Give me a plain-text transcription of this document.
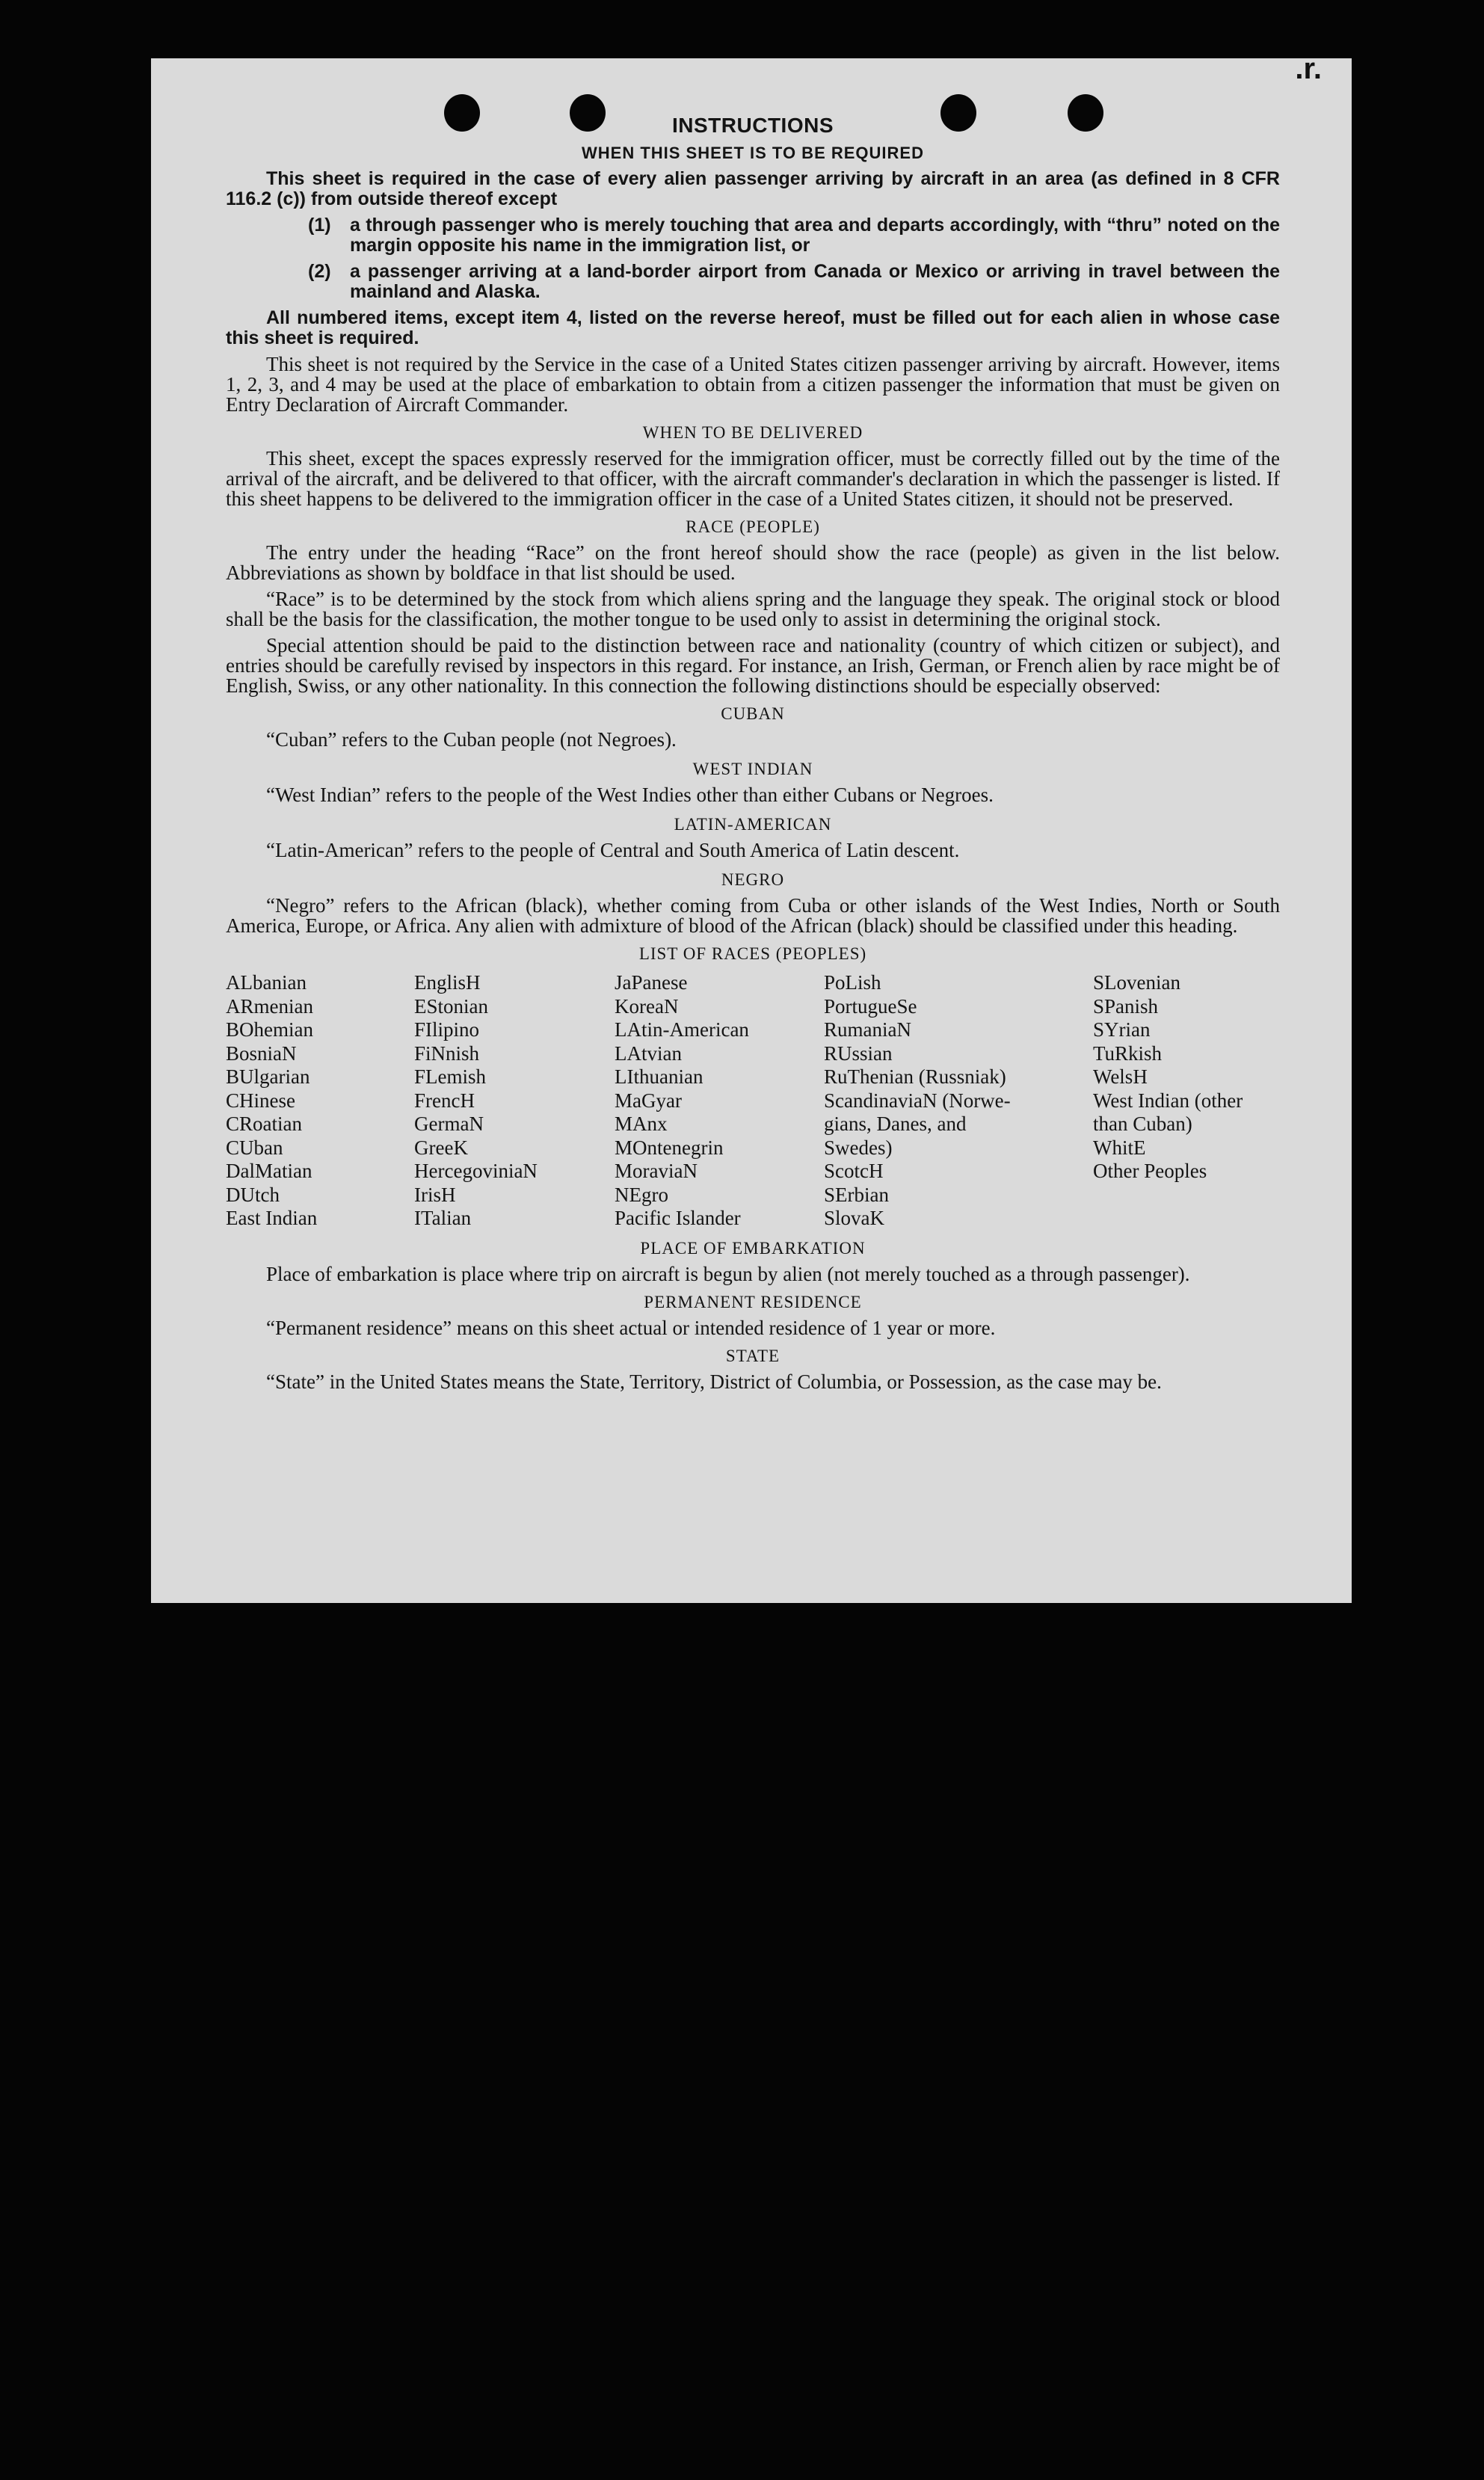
.r.
INSTRUCTIONS
WHEN THIS SHEET IS TO BE REQUIRED

This sheet is required in the case of every alien passenger arriving by aircraft in an area (as defined in 8 CFR 116.2 (c)) from outside thereof except

(1)	a through passenger who is merely touching that area and departs accordingly, with “thru” noted on the margin opposite his name in the immigration list, or
(2)	a passenger arriving at a land-border airport from Canada or Mexico or arriving in travel between the mainland and Alaska.

All numbered items, except item 4, listed on the reverse hereof, must be filled out for each alien in whose case this sheet is required.

This sheet is not required by the Service in the case of a United States citizen passenger arriving by aircraft. However, items 1, 2, 3, and 4 may be used at the place of embarkation to obtain from a citizen passenger the information that must be given on Entry Declaration of Aircraft Commander.

WHEN TO BE DELIVERED

This sheet, except the spaces expressly reserved for the immigration officer, must be correctly filled out by the time of the arrival of the aircraft, and be delivered to that officer, with the aircraft commander's declaration in which the passenger is listed. If this sheet happens to be delivered to the immigration officer in the case of a United States citizen, it should not be preserved.

RACE (PEOPLE)

The entry under the heading “Race” on the front hereof should show the race (people) as given in the list below. Abbreviations as shown by boldface in that list should be used.

“Race” is to be determined by the stock from which aliens spring and the language they speak. The original stock or blood shall be the basis for the classification, the mother tongue to be used only to assist in determining the original stock.

Special attention should be paid to the distinction between race and nationality (country of which citizen or subject), and entries should be carefully revised by inspectors in this regard. For instance, an Irish, German, or French alien by race might be of English, Swiss, or any other nationality. In this connection the following distinctions should be especially observed:

CUBAN
“Cuban” refers to the Cuban people (not Negroes).
WEST INDIAN
“West Indian” refers to the people of the West Indies other than either Cubans or Negroes.
LATIN-AMERICAN
“Latin-American” refers to the people of Central and South America of Latin descent.
NEGRO

“Negro” refers to the African (black), whether coming from Cuba or other islands of the West Indies, North or South America, Europe, or Africa. Any alien with admixture of blood of the African (black) should be classified under this heading.

LIST OF RACES (PEOPLES)
ALbanian
ARmenian
BOhemian
BosniaN
BUlgarian
CHinese
CRoatian
CUban
DalMatian
DUtch
East Indian
EnglisH
EStonian
FIlipino
FiNnish
FLemish
FrencH
GermaN
GreeK
HercegoviniaN
IrisH
ITalian
JaPanese
KoreaN
LAtin-American
LAtvian
LIthuanian
MaGyar
MAnx
MOntenegrin
MoraviaN
NEgro
Pacific Islander
PoLish
PortugueSe
RumaniaN
RUssian
RuThenian (Russniak)
ScandinaviaN (Norwe-
gians, Danes, and
Swedes)
ScotcH
SErbian
SlovaK
SLovenian
SPanish
SYrian
TuRkish
WelsH
West Indian (other
than Cuban)
WhitE
Other Peoples
PLACE OF EMBARKATION

Place of embarkation is place where trip on aircraft is begun by alien (not merely touched as a through passenger).

PERMANENT RESIDENCE

“Permanent residence” means on this sheet actual or intended residence of 1 year or more.

STATE

“State” in the United States means the State, Territory, District of Columbia, or Possession, as the case may be.
